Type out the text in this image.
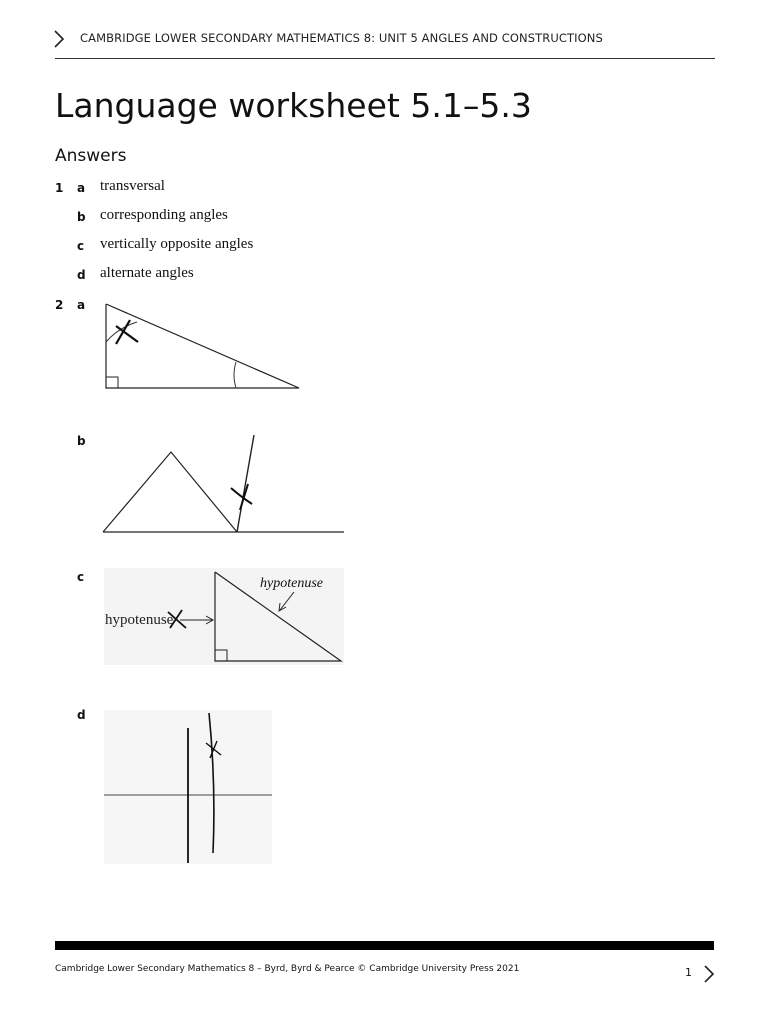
CAMBRIDGE LOWER SECONDARY MATHEMATICS 8: UNIT 5 ANGLES AND CONSTRUCTIONS
Language worksheet 5.1–5.3
Answers
1 a transversal
b corresponding angles
c vertically opposite angles
d alternate angles
2 a
b
c
hypotenuse
hypotenuse
d
Cambridge Lower Secondary Mathematics 8 – Byrd, Byrd & Pearce © Cambridge University Press 2021	1
